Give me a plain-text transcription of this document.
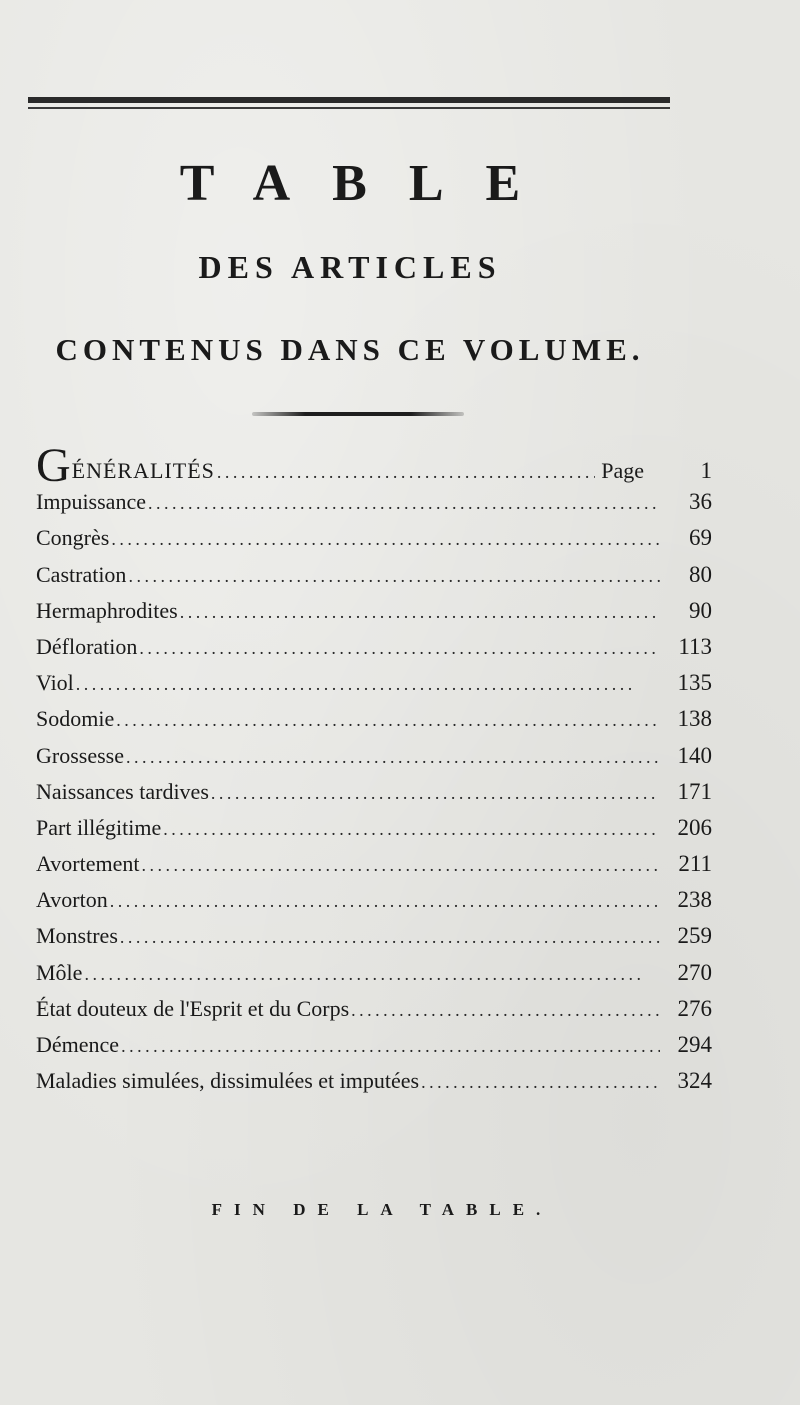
TABLE
DES ARTICLES
CONTENUS DANS CE VOLUME.
GÉNÉRALITÉS . . .	Page	1
Impuissance . . .	36
Congrès . . .	69
Castration . . .	80
Hermaphrodites . . .	90
Défloration . . .	113
Viol . . .	135
Sodomie . . .	138
Grossesse . . .	140
Naissances tardives . . .	171
Part illégitime . . .	206
Avortement . . .	211
Avorton . . .	238
Monstres . . .	259
Môle . . .	270
État douteux de l'Esprit et du Corps . . .	276
Démence . . .	294
Maladies simulées, dissimulées et imputées . . .	324
FIN DE LA TABLE.
